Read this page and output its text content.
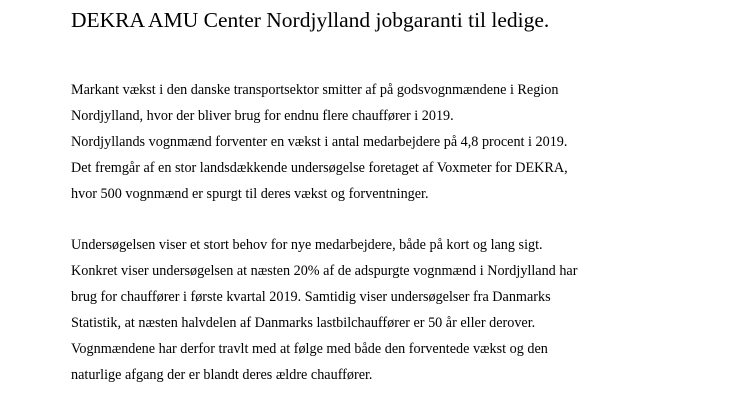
DEKRA AMU Center Nordjylland jobgaranti til ledige.

Markant vækst i den danske transportsektor smitter af på godsvognmændene i Region
Nordjylland, hvor der bliver brug for endnu flere chauffører i 2019.
Nordjyllands vognmænd forventer en vækst i antal medarbejdere på 4,8 procent i 2019.
Det fremgår af en stor landsdækkende undersøgelse foretaget af Voxmeter for DEKRA,
hvor 500 vognmænd er spurgt til deres vækst og forventninger.

Undersøgelsen viser et stort behov for nye medarbejdere, både på kort og lang sigt.
Konkret viser undersøgelsen at næsten 20% af de adspurgte vognmænd i Nordjylland har
brug for chauffører i første kvartal 2019. Samtidig viser undersøgelser fra Danmarks
Statistik, at næsten halvdelen af Danmarks lastbilchauffører er 50 år eller derover.
Vognmændene har derfor travlt med at følge med både den forventede vækst og den
naturlige afgang der er blandt deres ældre chauffører.
